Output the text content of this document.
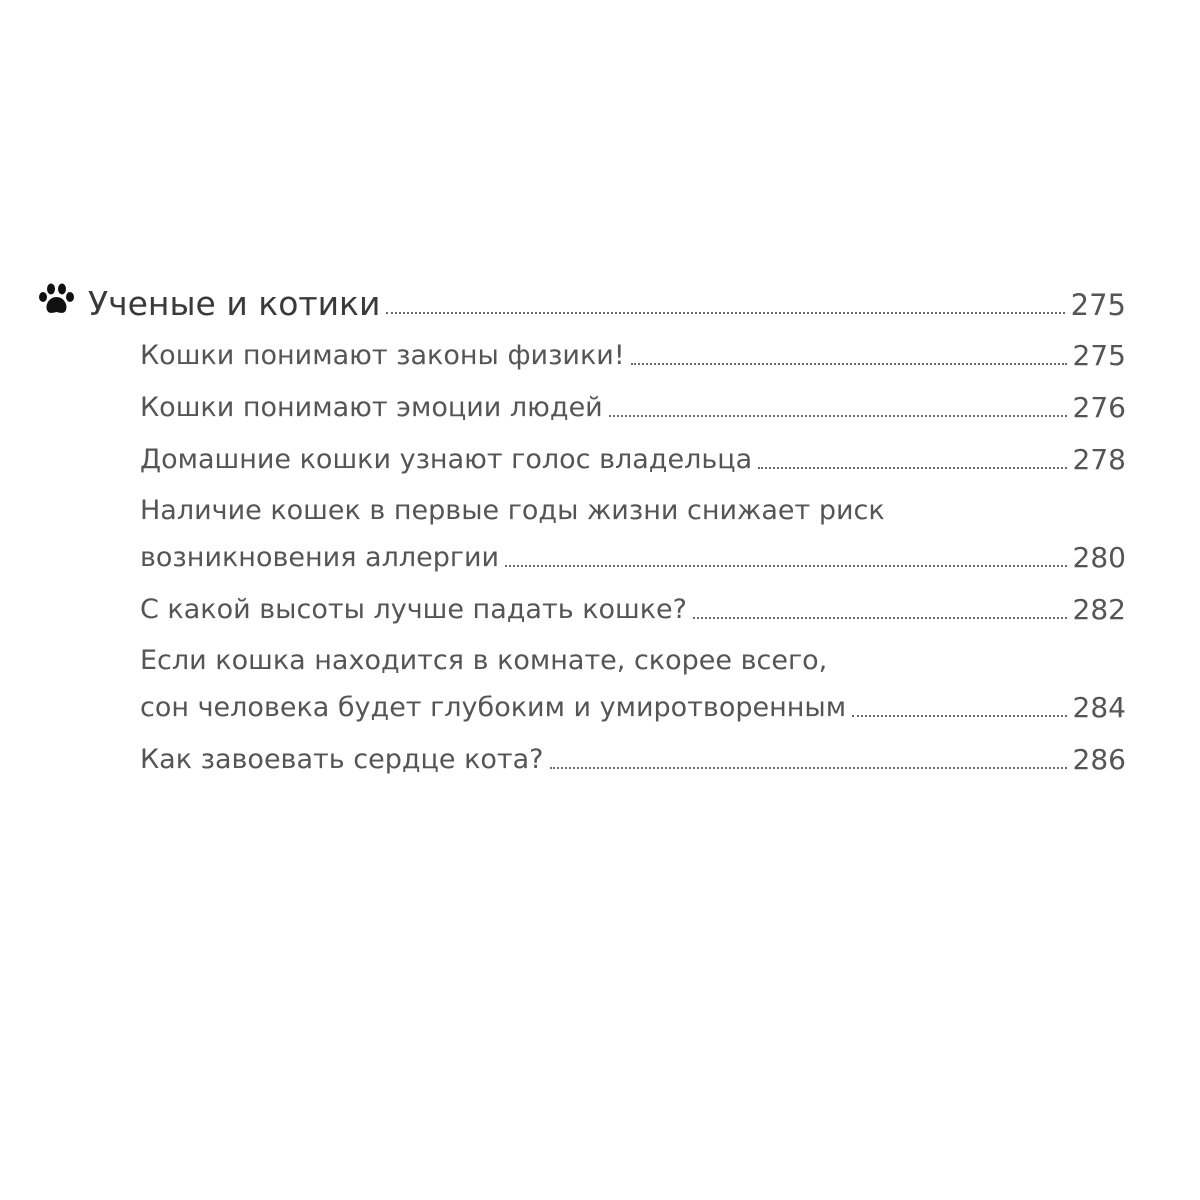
Ученые и котики	275
Кошки понимают законы физики!	275
Кошки понимают эмоции людей	276
Домашние кошки узнают голос владельца	278
Наличие кошек в первые годы жизни снижает риск
возникновения аллергии	280
С какой высоты лучше падать кошке?	282
Если кошка находится в комнате, скорее всего,
сон человека будет глубоким и умиротворенным	284
Как завоевать сердце кота?	286
